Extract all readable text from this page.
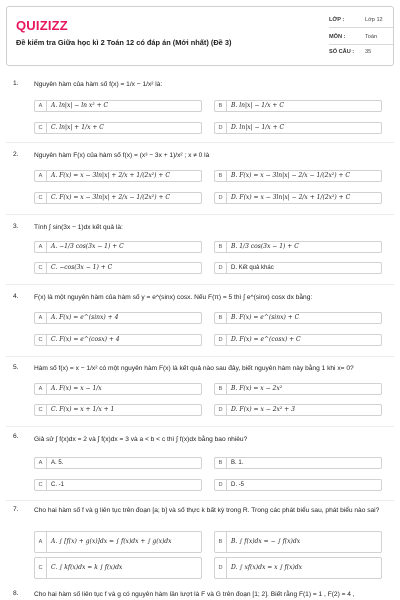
QUIZIZZ
Đề kiểm tra Giữa học kì 2 Toán 12 có đáp án (Mới nhất) (Đề 3)
LỚP :	Lớp 12
MÔN :	Toán
SỐ CÂU : 35
1. Nguyên hàm của hàm số f(x) = 1/x − 1/x² là:
A	A. ln|x| − ln x² + C	B	B. ln|x| − 1/x + C
C	C. ln|x| + 1/x + C	D	D. ln|x| − 1/x + C
2. Nguyên hàm F(x) của hàm số f(x) = (x³ − 3x + 1)/x² ; x ≠ 0 là
A	A. F(x) = x − 3ln|x| + 2/x + 1/(2x²) + C	B	B. F(x) = x − 3ln|x| − 2/x − 1/(2x²) + C
C	C. F(x) = x − 3ln|x| + 2/x − 1/(2x²) + C	D	D. F(x) = x − 3ln|x| − 2/x + 1/(2x²) + C
3. Tính ∫ sin(3x − 1)dx kết quả là:
A	A. −1/3 cos(3x − 1) + C	B	B. 1/3 cos(3x − 1) + C
C	C. −cos(3x − 1) + C	D	D. Kết quả khác
4. F(x) là một nguyên hàm của hàm số y = e^(sinx) cosx. Nếu F(π) = 5 thì ∫ e^(sinx) cosx dx bằng:
A	A. F(x) = e^(sinx) + 4	B	B. F(x) = e^(sinx) + C
C	C. F(x) = e^(cosx) + 4	D	D. F(x) = e^(cosx) + C
5. Hàm số f(x) = x − 1/x² có một nguyên hàm F(x) là kết quả nào sau đây, biết nguyên hàm này bằng 1 khi x= 0?
A	A. F(x) = x − 1/x	B	B. F(x) = x − 2x²
C	C. F(x) = x + 1/x + 1	D	D. F(x) = x − 2x² + 3
6. Giả sử ∫ f(x)dx = 2 và ∫ f(x)dx = 3 và a < b < c thì ∫ f(x)dx bằng bao nhiêu?
A	A. 5.	B	B. 1.
C	C. -1	D	D. -5
7. Cho hai hàm số f và g liên tục trên đoạn [a; b] và số thực k bất kỳ trong R. Trong các phát biểu sau, phát biểu nào sai?
A	A. ∫ [f(x) + g(x)]dx = ∫ f(x)dx + ∫ g(x)dx	B	B. ∫ f(x)dx = − ∫ f(x)dx
C	C. ∫ kf(x)dx = k ∫ f(x)dx	D	D. ∫ xf(x)dx = x ∫ f(x)dx
8. Cho hai hàm số liên tục f và g có nguyên hàm lần lượt là F và G trên đoạn [1; 2]. Biết rằng F(1) = 1 , F(2) = 4 ,
